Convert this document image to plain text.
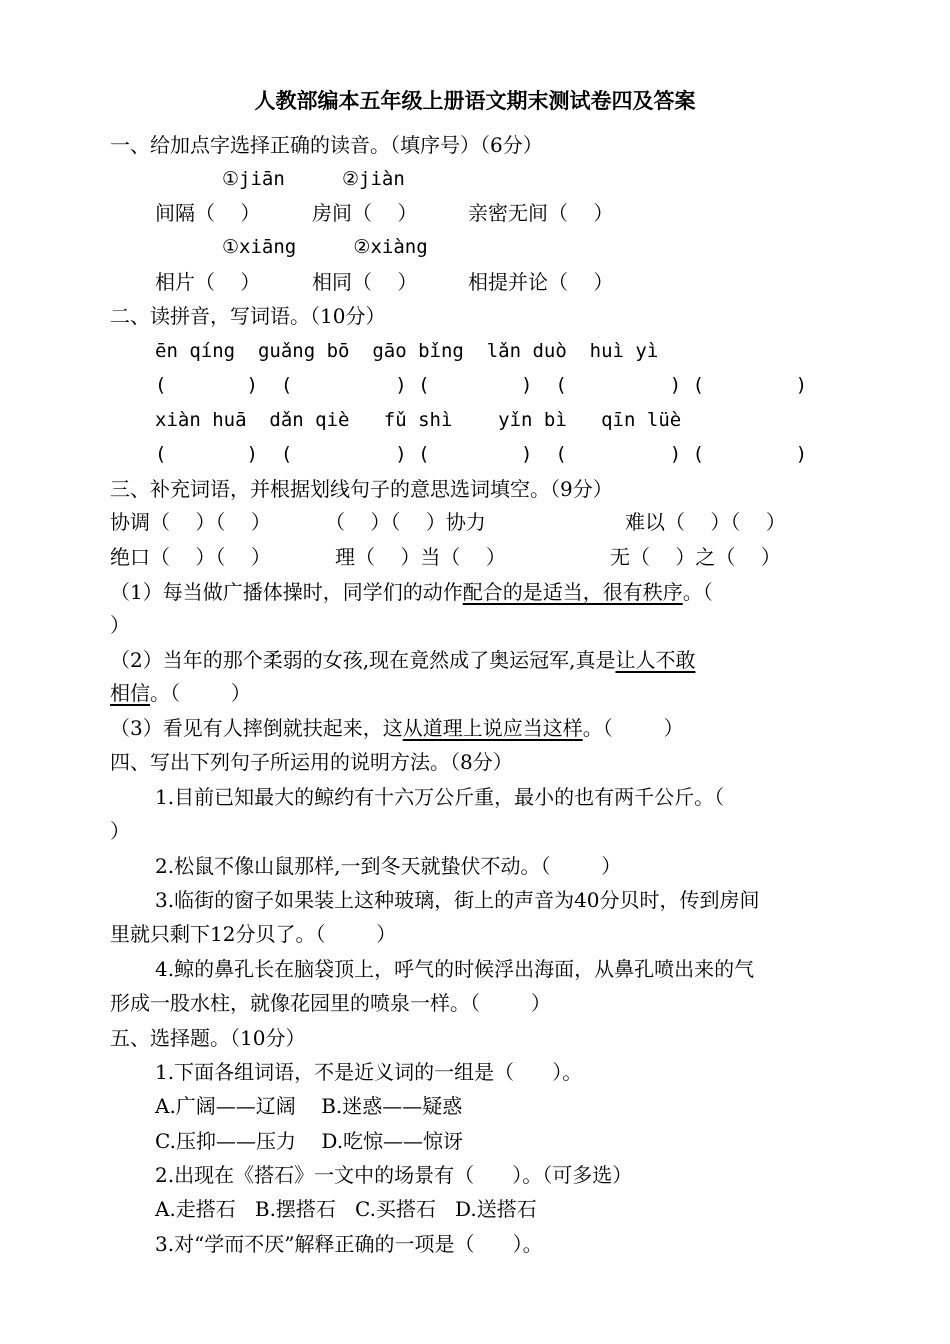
人教部编本五年级上册语文期末测试卷四及答案
一、给加点字选择正确的读音。（填序号）（6分）
①jiān     ②jiàn
间隔（    ）	房间（    ）	亲密无间（    ）
①xiāng     ②xiàng
相片（    ）	相同（    ）	相提并论（    ）
二、读拼音，写词语。（10分）
ēn qíng  guǎng bō  gāo bǐng  lǎn duò  huì yì
(       )  (         ) (        )  (         ) (        )
xiàn huā  dǎn qiè   fǔ shì    yǐn bì   qīn lüè
(       )  (         ) (        )  (         ) (        )
三、补充词语，并根据划线句子的意思选词填空。（9分）
协调（    ）（    ）	（    ）（    ）协力	难以（    ）（    ）
绝口（    ）（    ）	理（    ）当（    ）	无（    ）之（    ）
（1）每当做广播体操时，同学们的动作配合的是适当，很有秩序。（
）
（2）当年的那个柔弱的女孩,现在竟然成了奥运冠军,真是让人不敢
相信。（        ）
（3）看见有人摔倒就扶起来，这从道理上说应当这样。（        ）
四、写出下列句子所运用的说明方法。（8分）
1.目前已知最大的鲸约有十六万公斤重，最小的也有两千公斤。（
）
2.松鼠不像山鼠那样,一到冬天就蛰伏不动。（        ）
3.临街的窗子如果装上这种玻璃，街上的声音为40分贝时，传到房间
里就只剩下12分贝了。（        ）
4.鲸的鼻孔长在脑袋顶上，呼气的时候浮出海面，从鼻孔喷出来的气
形成一股水柱，就像花园里的喷泉一样。（        ）
五、选择题。（10分）
1.下面各组词语，不是近义词的一组是（      ）。
A.广阔——辽阔    B.迷惑——疑惑
C.压抑——压力    D.吃惊——惊讶
2.出现在《搭石》一文中的场景有（      ）。（可多选）
A.走搭石   B.摆搭石   C.买搭石   D.送搭石
3.对“学而不厌”解释正确的一项是（      ）。
